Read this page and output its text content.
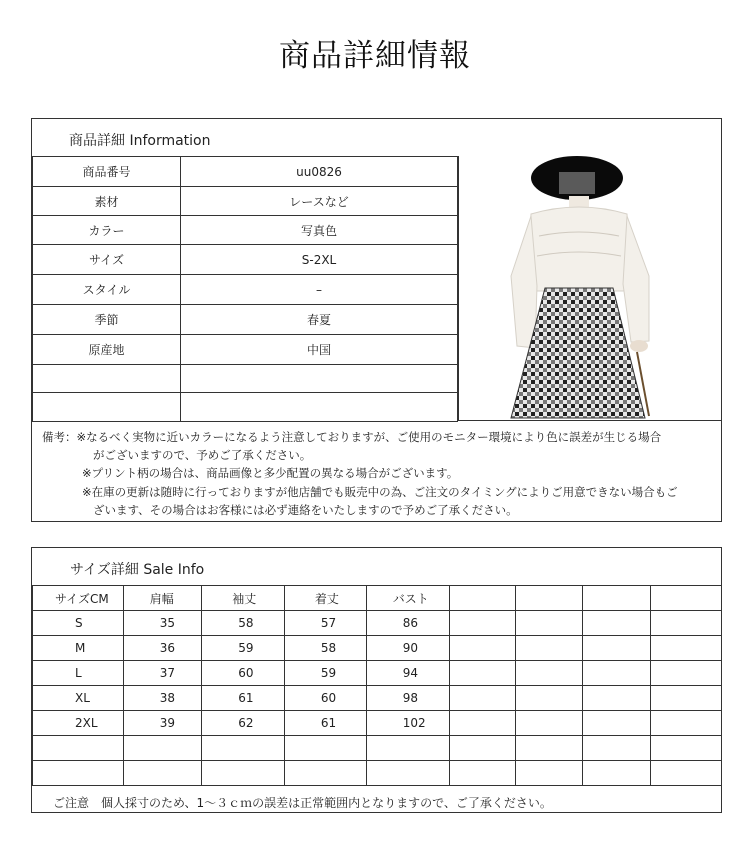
商品詳細情報
商品詳細 Information
商品番号	uu0826
素材	レースなど
カラー	写真色
サイズ	S-2XL
スタイル	–
季節	春夏
原産地	中国

備考：※なるべく実物に近いカラーになるよう注意しておりますが、ご使用のモニター環境により色に誤差が生じる場合
がございますので、予めご了承ください。
※プリント柄の場合は、商品画像と多少配置の異なる場合がございます。
※在庫の更新は随時に行っておりますが他店舗でも販売中の為、ご注文のタイミングによりご用意できない場合もご
ざいます、その場合はお客様には必ず連絡をいたしますので予めご了承ください。
サイズ詳細 Sale Info
サイズCM	肩幅	袖丈	着丈	バスト				
S	35	58	57	86				
M	36	59	58	90				
L	37	60	59	94				
XL	38	61	60	98				
2XL	39	62	61	102				

ご注意　個人採寸のため、1～３ｃｍの誤差は正常範囲内となりますので、ご了承ください。
